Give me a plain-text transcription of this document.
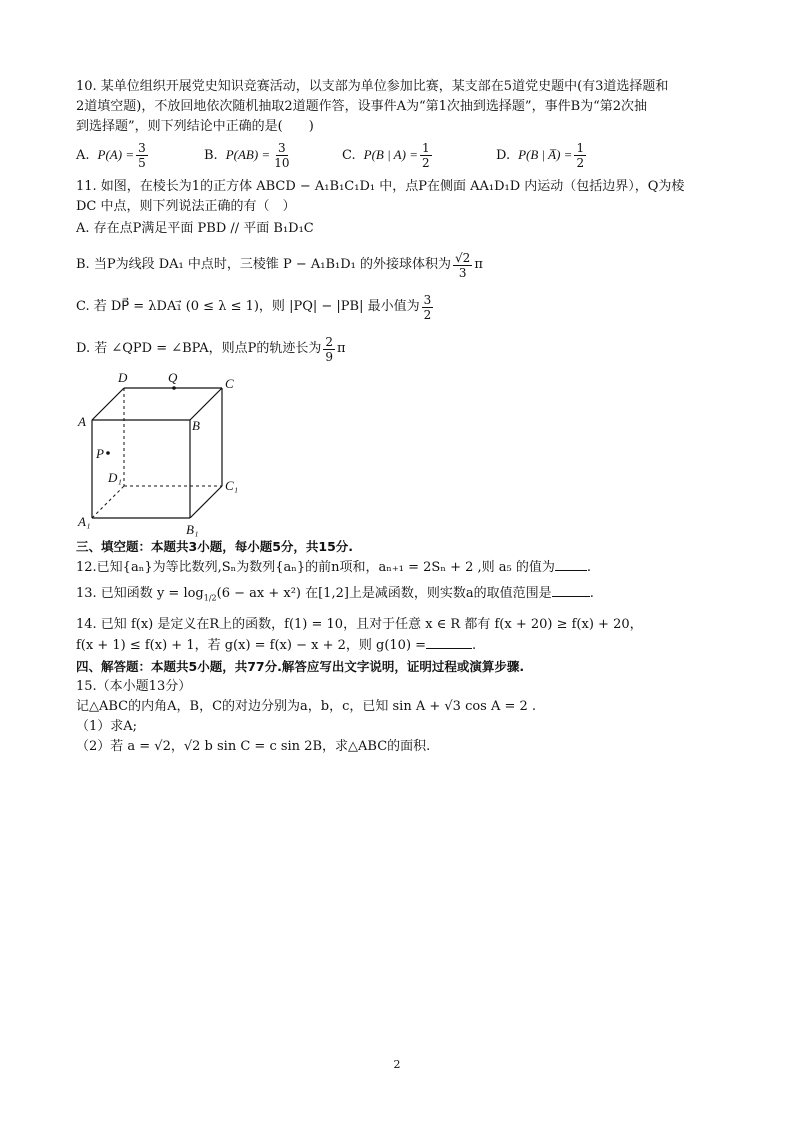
10. 某单位组织开展党史知识竞赛活动，以支部为单位参加比赛，某支部在5道党史题中(有3道选择题和
2道填空题)，不放回地依次随机抽取2道题作答，设事件A为“第1次抽到选择题”，事件B为“第2次抽
到选择题”，则下列结论中正确的是(　　)
A. $P(A) = \frac{3}{5}$	B. $P(AB) = \frac{3}{10}$	C. P(B | $A) = \frac{1}{2}$	D. P(B | A̅) = $\frac{1}{2}$
11. 如图，在棱长为1的正方体 ABCD − A₁B₁C₁D₁ 中，点P在侧面 AA₁D₁D 内运动（包括边界），Q为棱
DC 中点，则下列说法正确的有（　）
A. 存在点P满足平面 PBD // 平面 B₁D₁C
B. 当P为线段 DA₁ 中点时，三棱锥 P − A₁B₁D₁ 的外接球体积为 $\frac{√2}{3}$ π
C. 若 DP⃗ = λDA₁⃗ (0 ≤ λ ≤ 1)，则 |PQ| − |PB| 最小值为 $\frac{3}{2}$
D. 若 ∠QPD = ∠BPA，则点P的轨迹长为 $\frac{2}{9}$ π
D	Q	C
A	B
P
D₁
C₁
A₁
B₁
三、填空题：本题共3小题，每小题5分，共15分.
12.已知{aₙ}为等比数列,Sₙ为数列{aₙ}的前n项和，aₙ₊₁ = 2Sₙ + 2 ,则 a₅ 的值为 .
13. 已知函数 $y = \log_{1/2}(6$ − ax + x²) 在[1,2]上是减函数，则实数a的取值范围是	.
14. 已知 f(x) 是定义在R上的函数，f(1) = 10，且对于任意 x ∈ R 都有 f(x + 20) ≥ f(x) + 20，
f(x + 1) ≤ f(x) + 1，若 g(x) = f(x) − x + 2，则 g(10) =	.
四、解答题：本题共5小题，共77分.解答应写出文字说明，证明过程或演算步骤.
15.（本小题13分）
记△ABC的内角A，B，C的对边分别为a，b，c，已知 sin A + √3 cos A = 2 .
（1）求A;
（2）若 a = √2，√2 b sin C = c sin 2B，求△ABC的面积.
2
